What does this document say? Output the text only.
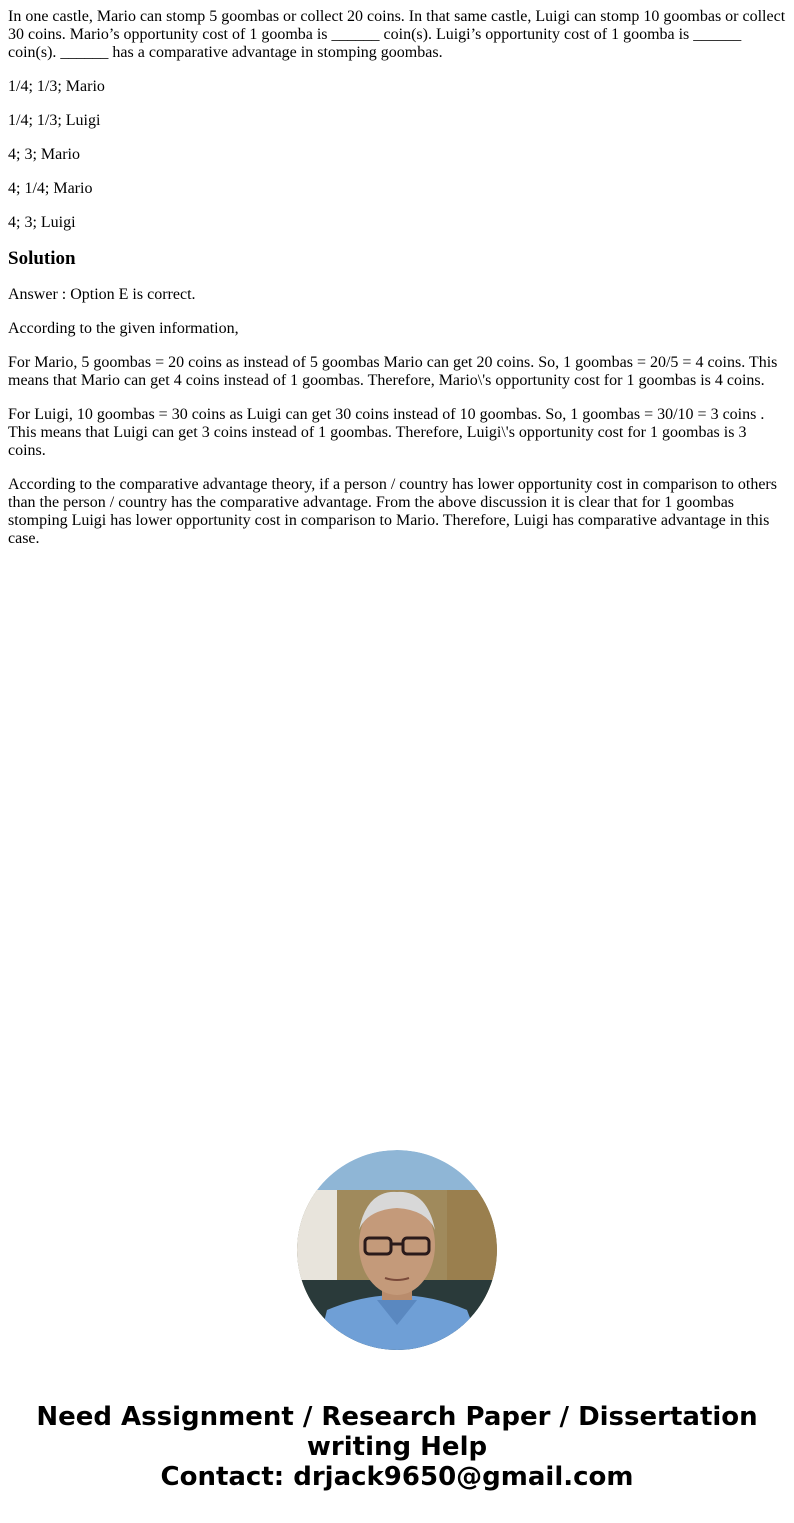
In one castle, Mario can stomp 5 goombas or collect 20 coins. In that same castle, Luigi can stomp 10 goombas or collect 30 coins. Mario’s opportunity cost of 1 goomba is ______ coin(s). Luigi’s opportunity cost of 1 goomba is ______ coin(s). ______ has a comparative advantage in stomping goombas.

1/4; 1/3; Mario

1/4; 1/3; Luigi

4; 3; Mario

4; 1/4; Mario

4; 3; Luigi

Solution

Answer : Option E is correct.

According to the given information,

For Mario, 5 goombas = 20 coins as instead of 5 goombas Mario can get 20 coins. So, 1 goombas = 20/5 = 4 coins. This means that Mario can get 4 coins instead of 1 goombas. Therefore, Mario\'s opportunity cost for 1 goombas is 4 coins.

For Luigi, 10 goombas = 30 coins as Luigi can get 30 coins instead of 10 goombas. So, 1 goombas = 30/10 = 3 coins . This means that Luigi can get 3 coins instead of 1 goombas. Therefore, Luigi\'s opportunity cost for 1 goombas is 3 coins.

According to the comparative advantage theory, if a person / country has lower opportunity cost in comparison to others than the person / country has the comparative advantage. From the above discussion it is clear that for 1 goombas stomping Luigi has lower opportunity cost in comparison to Mario. Therefore, Luigi has comparative advantage in this case.

Need Assignment / Research Paper / Dissertation
writing Help
Contact: drjack9650@gmail.com
